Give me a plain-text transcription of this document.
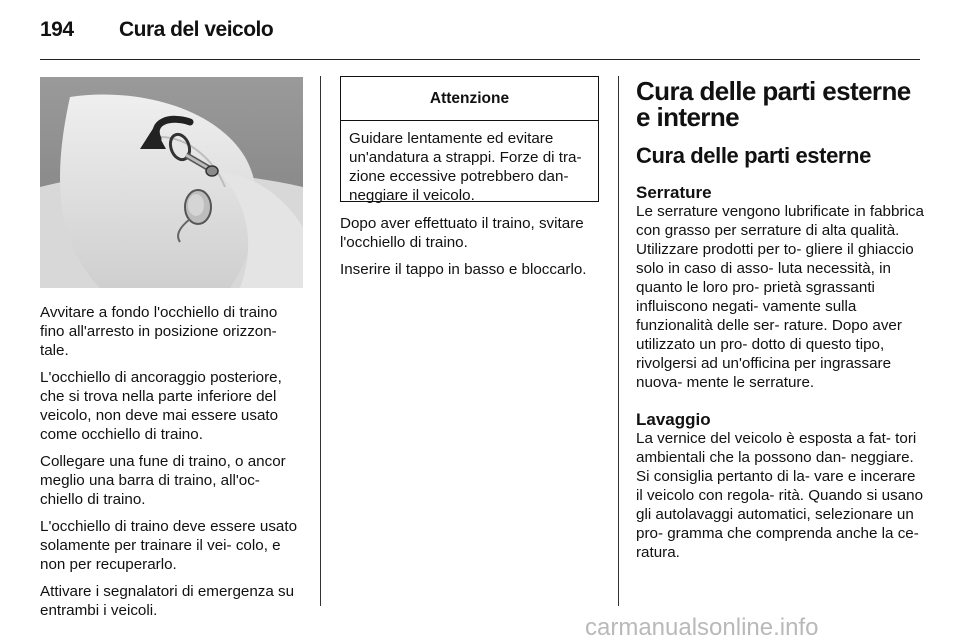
194 Cura del veicolo

Avvitare a fondo l'occhiello di traino fino all'arresto in posizione orizzon- tale.

L'occhiello di ancoraggio posteriore, che si trova nella parte inferiore del veicolo, non deve mai essere usato come occhiello di traino.

Collegare una fune di traino, o ancor meglio una barra di traino, all'oc- chiello di traino.

L'occhiello di traino deve essere usato solamente per trainare il vei- colo, e non per recuperarlo.

Attivare i segnalatori di emergenza su entrambi i veicoli.

Attenzione
Guidare lentamente ed evitare un'andatura a strappi. Forze di tra- zione eccessive potrebbero dan- neggiare il veicolo.

Dopo aver effettuato il traino, svitare l'occhiello di traino.

Inserire il tappo in basso e bloccarlo.

Cura delle parti esterne e interne
Cura delle parti esterne
Serrature

Le serrature vengono lubrificate in fabbrica con grasso per serrature di alta qualità. Utilizzare prodotti per to- gliere il ghiaccio solo in caso di asso- luta necessità, in quanto le loro pro- prietà sgrassanti influiscono negati- vamente sulla funzionalità delle ser- rature. Dopo aver utilizzato un pro- dotto di questo tipo, rivolgersi ad un'officina per ingrassare nuova- mente le serrature.

Lavaggio

La vernice del veicolo è esposta a fat- tori ambientali che la possono dan- neggiare. Si consiglia pertanto di la- vare e incerare il veicolo con regola- rità. Quando si usano gli autolavaggi automatici, selezionare un pro- gramma che comprenda anche la ce- ratura.

carmanualsonline.info
